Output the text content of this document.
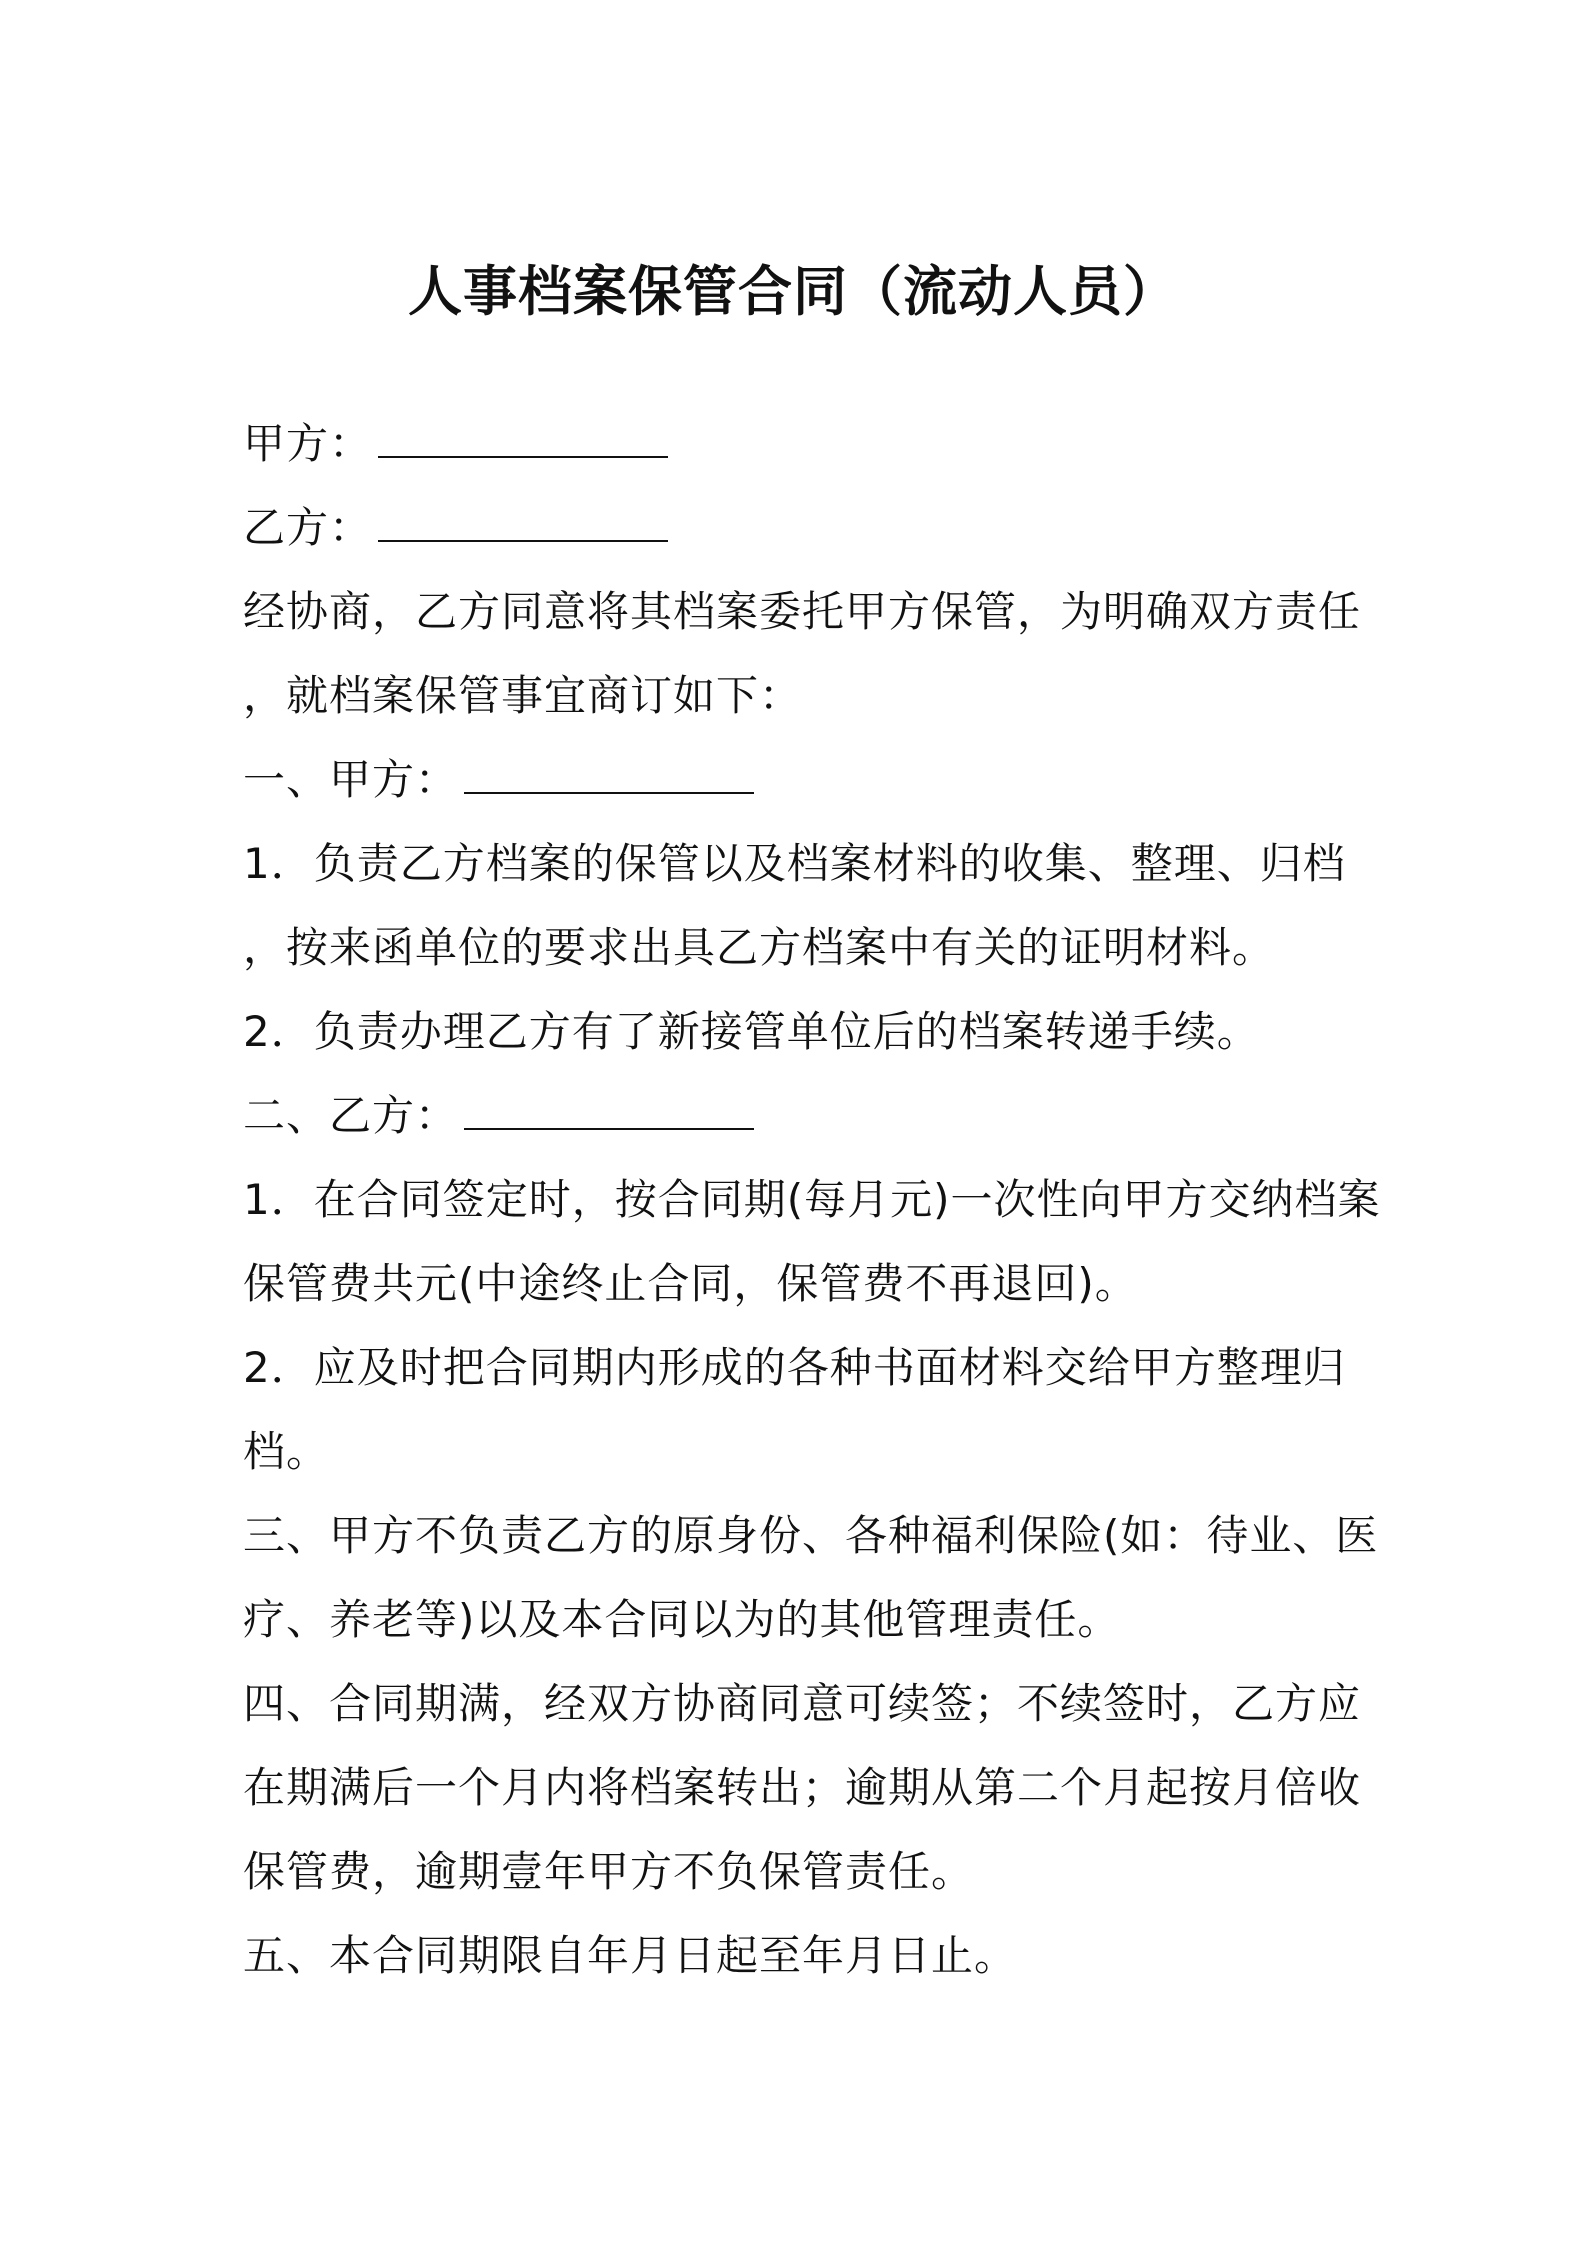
人事档案保管合同（流动人员）
甲方：
乙方：
经协商，乙方同意将其档案委托甲方保管，为明确双方责任
，就档案保管事宜商订如下：
一、甲方：
1．负责乙方档案的保管以及档案材料的收集、整理、归档
，按来函单位的要求出具乙方档案中有关的证明材料。
2．负责办理乙方有了新接管单位后的档案转递手续。
二、乙方：
1．在合同签定时，按合同期(每月元)一次性向甲方交纳档案
保管费共元(中途终止合同，保管费不再退回)。
2．应及时把合同期内形成的各种书面材料交给甲方整理归
档。
三、甲方不负责乙方的原身份、各种福利保险(如：待业、医
疗、养老等)以及本合同以为的其他管理责任。
四、合同期满，经双方协商同意可续签；不续签时，乙方应
在期满后一个月内将档案转出；逾期从第二个月起按月倍收
保管费，逾期壹年甲方不负保管责任。
五、本合同期限自年月日起至年月日止。
